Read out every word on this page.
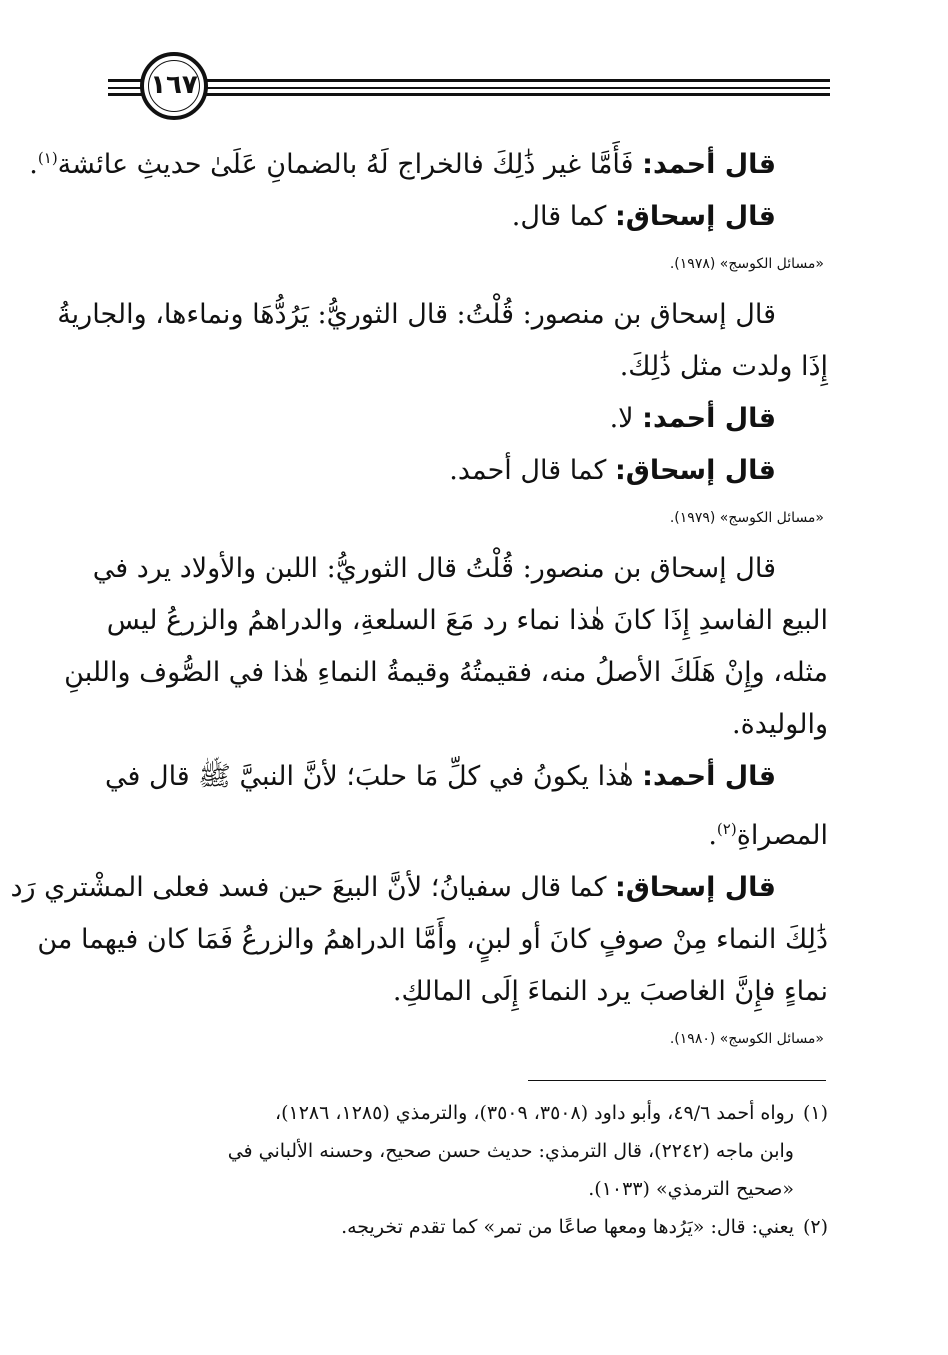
١٦٧

قال أحمد: فَأَمَّا غير ذَٰلِكَ فالخراج لَهُ بالضمانِ عَلَىٰ حديثِ عائشة$^{(١)}$.

قال إسحاق: كما قال.

«مسائل الكوسج» (١٩٧٨).

قال إسحاق بن منصور: قُلْتُ: قال الثوريُّ: يَرُدُّهَا ونماءها، والجاريةُ

إِذَا ولدت مثل ذَٰلِكَ.

قال أحمد: لا.

قال إسحاق: كما قال أحمد.

«مسائل الكوسج» (١٩٧٩).

قال إسحاق بن منصور: قُلْتُ قال الثوريُّ: اللبن والأولاد يرد في

البيع الفاسدِ إِذَا كانَ هٰذا نماء رد مَعَ السلعةِ، والدراهمُ والزرعُ ليس

مثله، وإِنْ هَلَكَ الأصلُ منه، فقيمتُهُ وقيمةُ النماءِ هٰذا في الصُّوف واللبنِ

والوليدة.

قال أحمد: هٰذا يكونُ في كلِّ مَا حلبَ؛ لأنَّ النبيَّ ﷺ قال في

المصراةِ$^{(٢)}$.

قال إسحاق: كما قال سفيانُ؛ لأنَّ البيعَ حين فسد فعلى المشْتري رَد

ذَٰلِكَ النماء مِنْ صوفٍ كانَ أو لبنٍ، وأَمَّا الدراهمُ والزرعُ فَمَا كان فيهما من

نماءٍ فإِنَّ الغاصبَ يرد النماءَ إِلَى المالكِ.

«مسائل الكوسج» (١٩٨٠).

(١)رواه أحمد ٤٩/٦، وأبو داود (٣٥٠٨، ٣٥٠٩)، والترمذي (١٢٨٥، ١٢٨٦)،

وابن ماجه (٢٢٤٢)، قال الترمذي: حديث حسن صحيح، وحسنه الألباني في

«صحيح الترمذي» (١٠٣٣).

(٢)يعني: قال: «يَرُدها ومعها صاعًا من تمر» كما تقدم تخريجه.
